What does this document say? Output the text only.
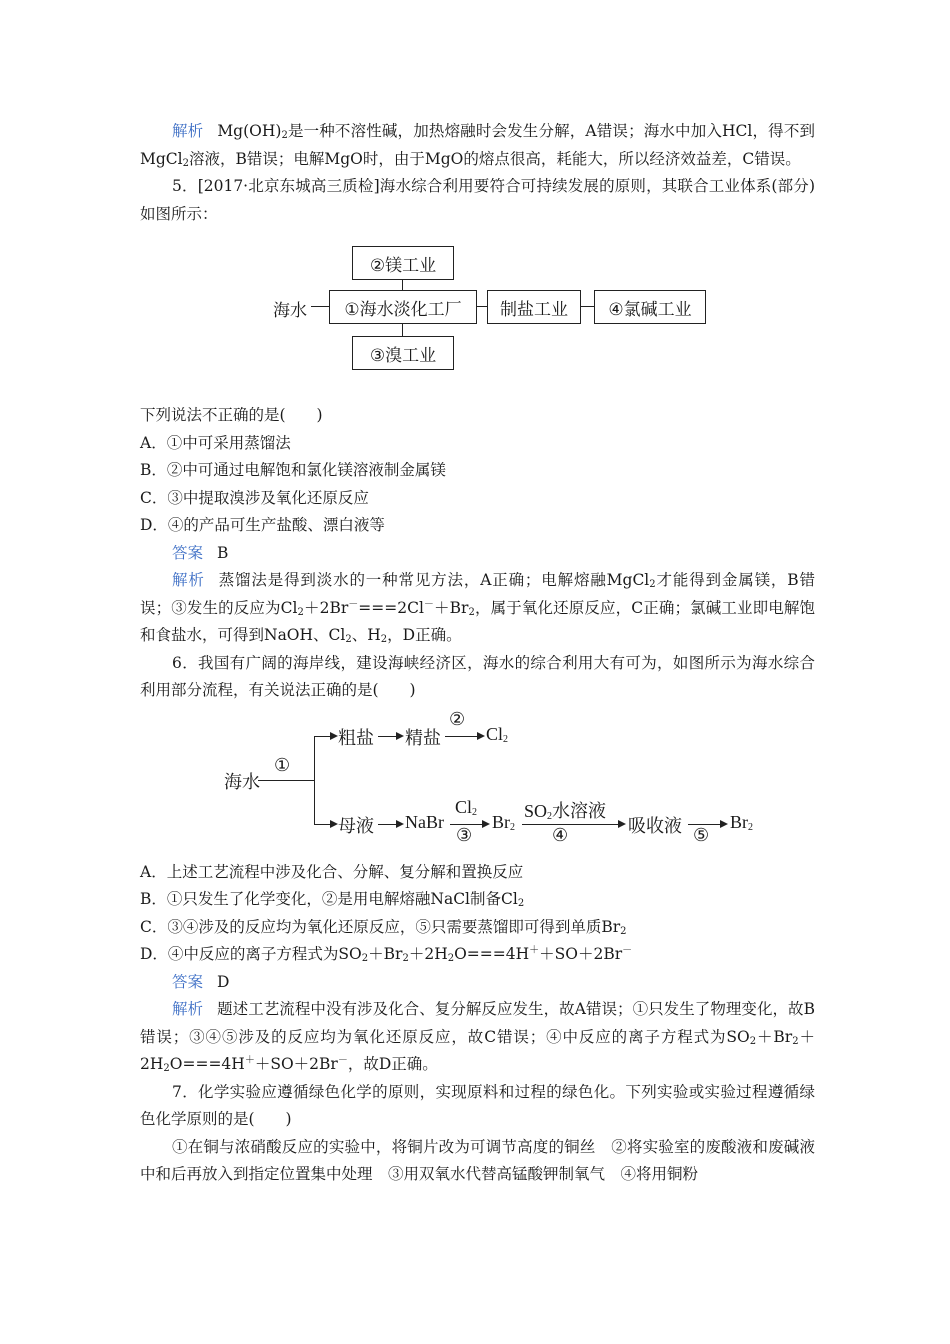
解析 $Mg(OH)_2$是一种不溶性碱，加热熔融时会发生分解，A错误；海水中加入HCl，得不到MgCl$_2$溶液，B错误；电解MgO时，由于MgO的熔点很高，耗能大，所以经济效益差，C错误。

5．[2017·北京东城高三质检]海水综合利用要符合可持续发展的原则，其联合工业体系(部分)如图所示：

②镁工业
①海水淡化工厂
③溴工业
制盐工业	④氯碱工业
海水

下列说法不正确的是(　　)

A．①中可采用蒸馏法

B．②中可通过电解饱和氯化镁溶液制金属镁

C．③中提取溴涉及氧化还原反应

D．④的产品可生产盐酸、漂白液等

答案 B

解析 蒸馏法是得到淡水的一种常见方法，A正确；电解熔融MgCl$_2$才能得到金属镁，B错误；③发生的反应为$Cl_2+2Br^-===2Cl^-+Br_2$，属于氧化还原反应，C正确；氯碱工业即电解饱和食盐水，可得到NaOH、$Cl_2$、$H_2$，D正确。

6．我国有广阔的海岸线，建设海峡经济区，海水的综合利用大有可为，如图所示为海水综合利用部分流程，有关说法正确的是(　　)

海水
①
粗盐 精盐
②
$Cl_2$
母液 NaBr
$Cl_2$
③
$Br_2$
$SO_2$水溶液
④	吸收液 ⑤
$Br_2$

A．上述工艺流程中涉及化合、分解、复分解和置换反应

B．①只发生了化学变化，②是用电解熔融NaCl制备$Cl_2$

C．③④涉及的反应均为氧化还原反应，⑤只需要蒸馏即可得到单质$Br_2$

D．④中反应的离子方程式为$SO_2+Br_2+2H_2O===4H^++SO+2Br^-$

答案 D

解析 题述工艺流程中没有涉及化合、复分解反应发生，故A错误；①只发生了物理变化，故B错误；③④⑤涉及的反应均为氧化还原反应，故C错误；④中反应的离子方程式为$SO_2+Br_2+2H_2O===4H^++SO+2Br^-$，故D正确。

7．化学实验应遵循绿色化学的原则，实现原料和过程的绿色化。下列实验或实验过程遵循绿色化学原则的是(　　)

①在铜与浓硝酸反应的实验中，将铜片改为可调节高度的铜丝　②将实验室的废酸液和废碱液中和后再放入到指定位置集中处理　③用双氧水代替高锰酸钾制氧气　④将用铜粉
